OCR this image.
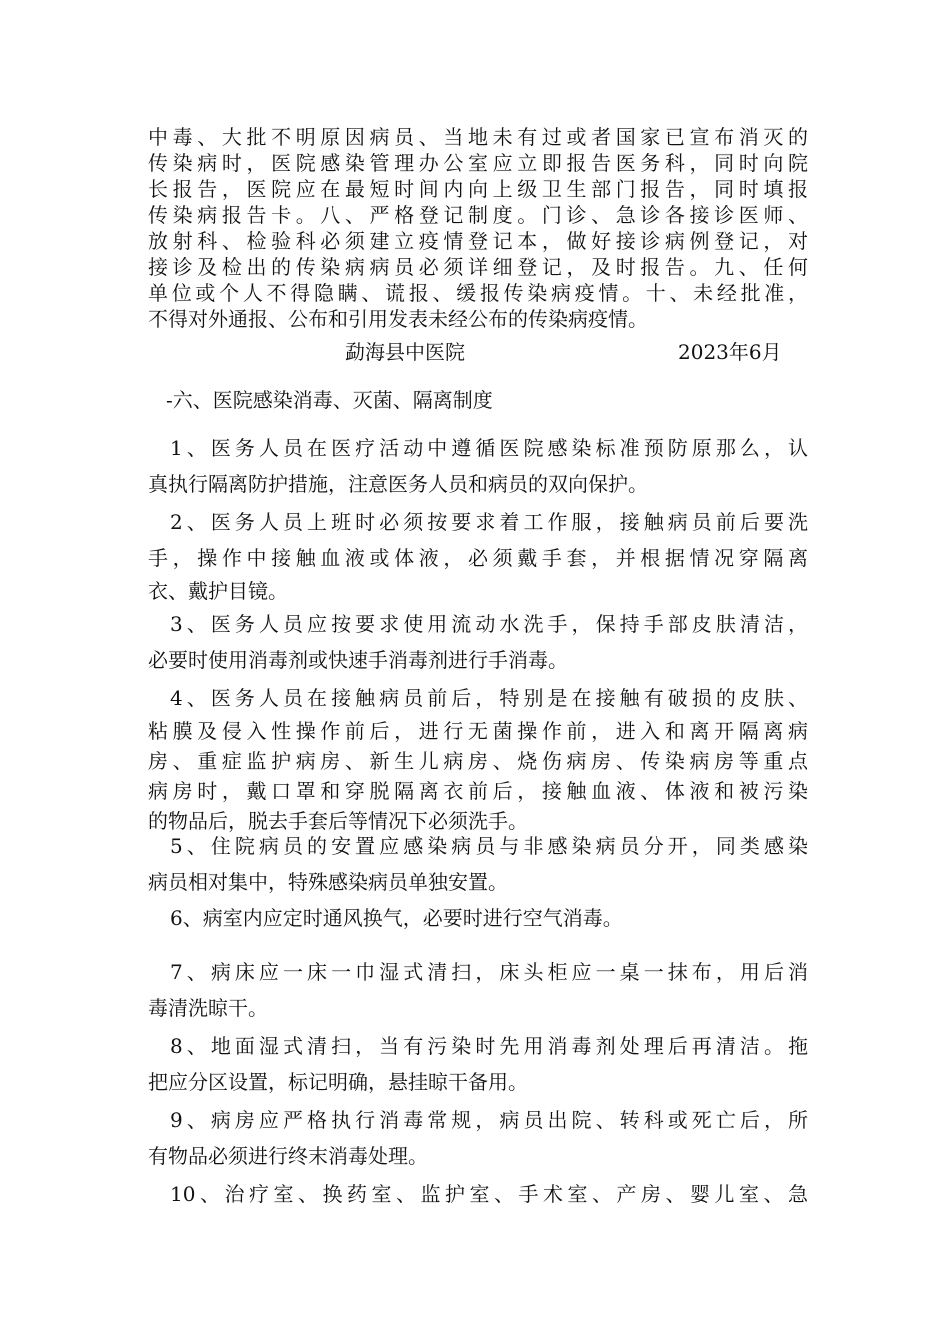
中毒、大批不明原因病员、当地未有过或者国家已宣布消灭的
传染病时，医院感染管理办公室应立即报告医务科，同时向院
长报告，医院应在最短时间内向上级卫生部门报告，同时填报
传染病报告卡。八、严格登记制度。门诊、急诊各接诊医师、
放射科、检验科必须建立疫情登记本，做好接诊病例登记，对
接诊及检出的传染病病员必须详细登记，及时报告。九、任何
单位或个人不得隐瞒、谎报、缓报传染病疫情。十、未经批准，
不得对外通报、公布和引用发表未经公布的传染病疫情。
勐海县中医院	2023年6月
-六、医院感染消毒、灭菌、隔离制度
1、医务人员在医疗活动中遵循医院感染标准预防原那么，认
真执行隔离防护措施，注意医务人员和病员的双向保护。
2、医务人员上班时必须按要求着工作服，接触病员前后要洗
手，操作中接触血液或体液，必须戴手套，并根据情况穿隔离
衣、戴护目镜。
3、医务人员应按要求使用流动水洗手，保持手部皮肤清洁，
必要时使用消毒剂或快速手消毒剂进行手消毒。
4、医务人员在接触病员前后，特别是在接触有破损的皮肤、
粘膜及侵入性操作前后，进行无菌操作前，进入和离开隔离病
房、重症监护病房、新生儿病房、烧伤病房、传染病房等重点
病房时，戴口罩和穿脱隔离衣前后，接触血液、体液和被污染
的物品后，脱去手套后等情况下必须洗手。
5、住院病员的安置应感染病员与非感染病员分开，同类感染
病员相对集中，特殊感染病员单独安置。
6、病室内应定时通风换气，必要时进行空气消毒。
7、病床应一床一巾湿式清扫，床头柜应一桌一抹布，用后消
毒清洗晾干。
8、地面湿式清扫，当有污染时先用消毒剂处理后再清洁。拖
把应分区设置，标记明确，悬挂晾干备用。
9、病房应严格执行消毒常规，病员出院、转科或死亡后，所
有物品必须进行终末消毒处理。
10、治疗室、换药室、监护室、手术室、产房、婴儿室、急
